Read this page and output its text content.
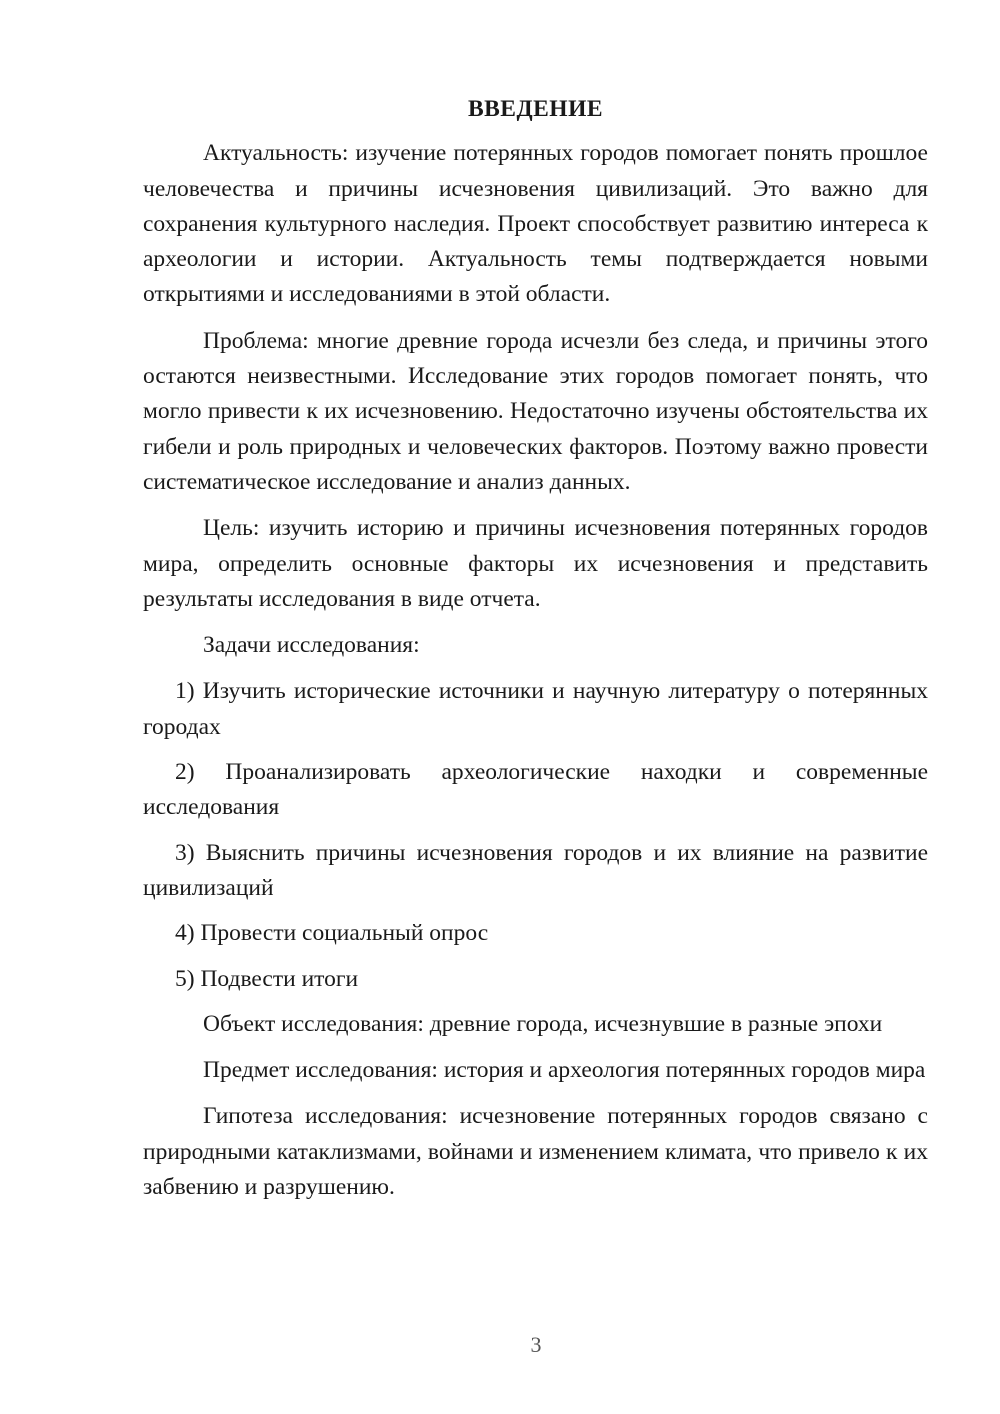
ВВЕДЕНИЕ

Актуальность: изучение потерянных городов помогает понять прошлое человечества и причины исчезновения цивилизаций. Это важно для сохранения культурного наследия. Проект способствует развитию интереса к археологии и истории. Актуальность темы подтверждается новыми открытиями и исследованиями в этой области.

Проблема: многие древние города исчезли без следа, и причины этого остаются неизвестными. Исследование этих городов помогает понять, что могло привести к их исчезновению. Недостаточно изучены обстоятельства их гибели и роль природных и человеческих факторов. Поэтому важно провести систематическое исследование и анализ данных.

Цель: изучить историю и причины исчезновения потерянных городов мира, определить основные факторы их исчезновения и представить результаты исследования в виде отчета.

Задачи исследования:

1) Изучить исторические источники и научную литературу о потерянных городах

2) Проанализировать археологические находки и современные исследования

3) Выяснить причины исчезновения городов и их влияние на развитие цивилизаций

4) Провести социальный опрос

5) Подвести итоги

Объект исследования: древние города, исчезнувшие в разные эпохи

Предмет исследования: история и археология потерянных городов мира

Гипотеза исследования: исчезновение потерянных городов связано с природными катаклизмами, войнами и изменением климата, что привело к их забвению и разрушению.

3
